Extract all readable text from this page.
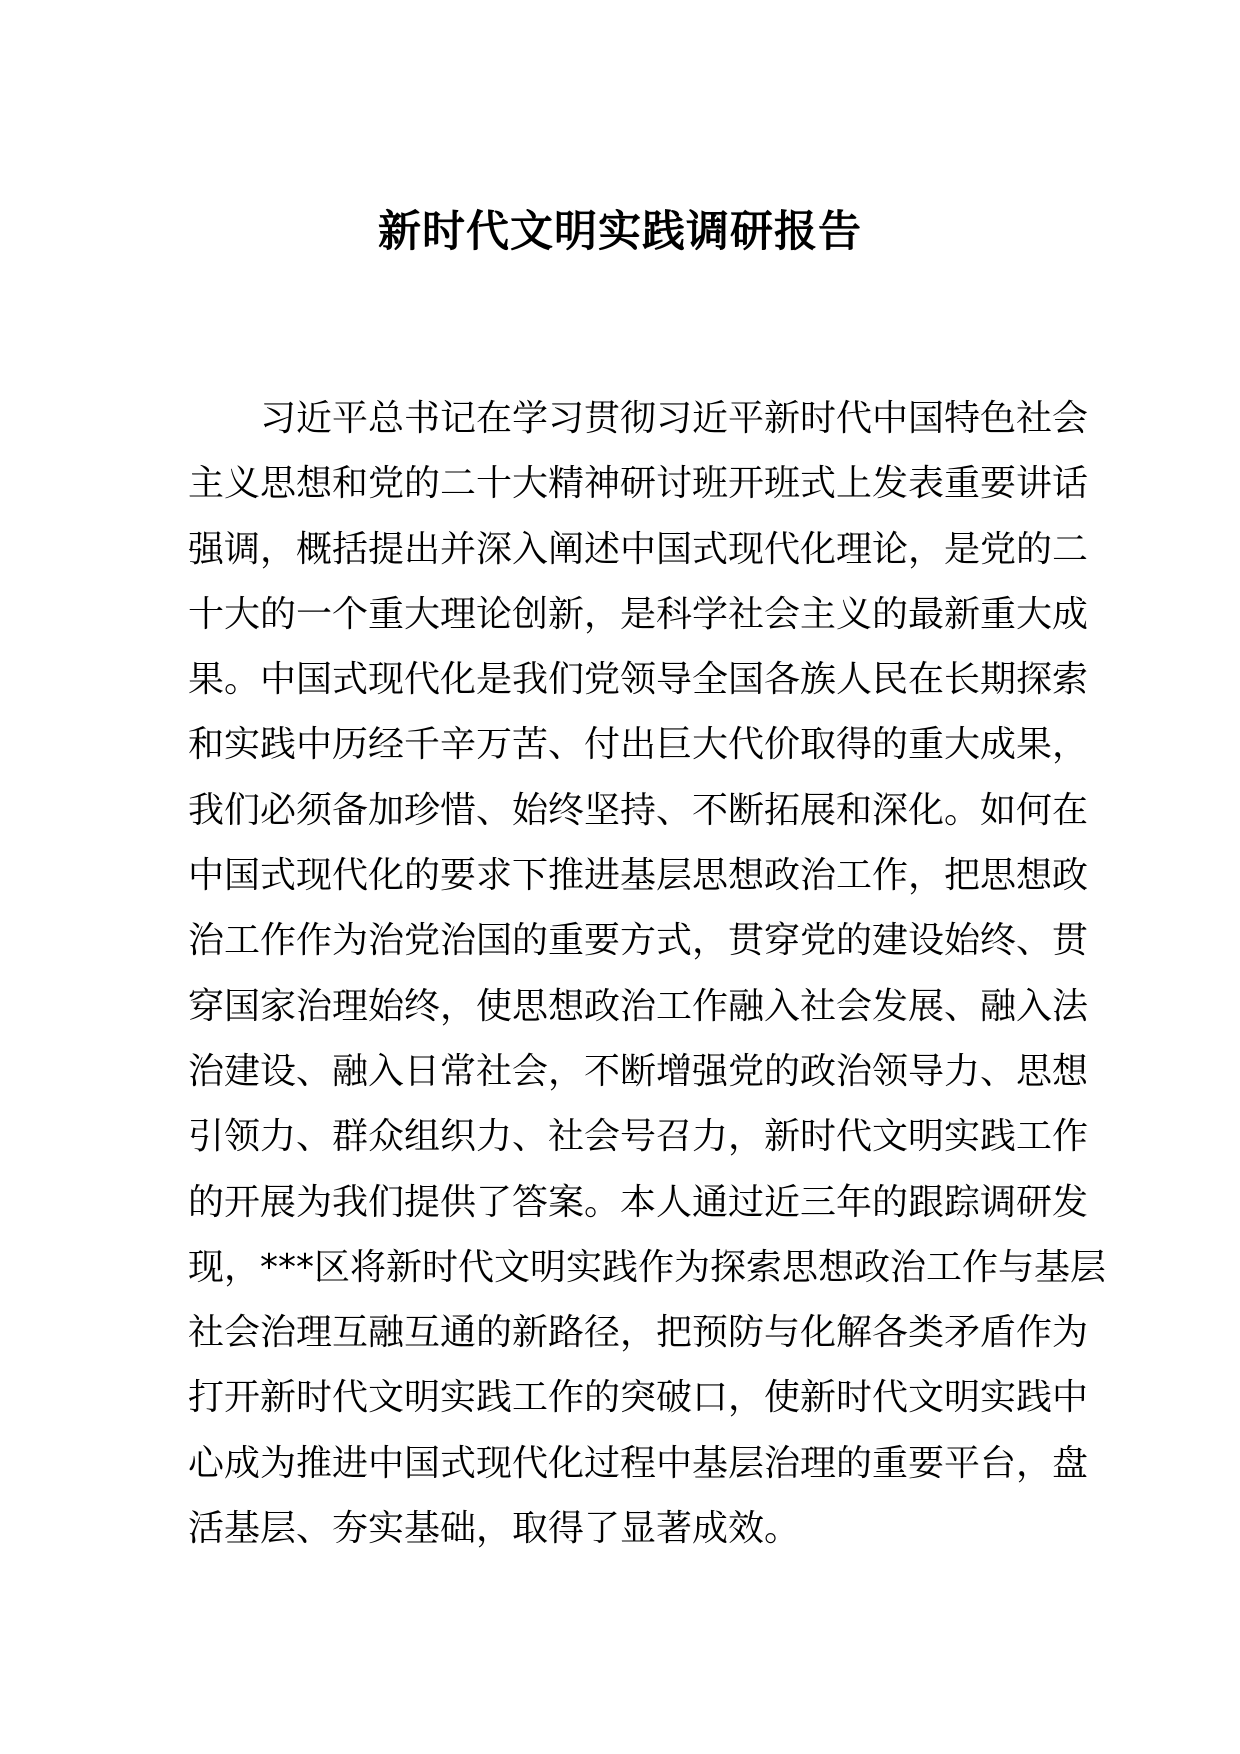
新时代文明实践调研报告

习近平总书记在学习贯彻习近平新时代中国特色社会

主义思想和党的二十大精神研讨班开班式上发表重要讲话

强调，概括提出并深入阐述中国式现代化理论，是党的二

十大的一个重大理论创新，是科学社会主义的最新重大成

果。中国式现代化是我们党领导全国各族人民在长期探索

和实践中历经千辛万苦、付出巨大代价取得的重大成果，

我们必须备加珍惜、始终坚持、不断拓展和深化。如何在

中国式现代化的要求下推进基层思想政治工作，把思想政

治工作作为治党治国的重要方式，贯穿党的建设始终、贯

穿国家治理始终，使思想政治工作融入社会发展、融入法

治建设、融入日常社会，不断增强党的政治领导力、思想

引领力、群众组织力、社会号召力，新时代文明实践工作

的开展为我们提供了答案。本人通过近三年的跟踪调研发

现，***区将新时代文明实践作为探索思想政治工作与基层

社会治理互融互通的新路径，把预防与化解各类矛盾作为

打开新时代文明实践工作的突破口，使新时代文明实践中

心成为推进中国式现代化过程中基层治理的重要平台，盘

活基层、夯实基础，取得了显著成效。
